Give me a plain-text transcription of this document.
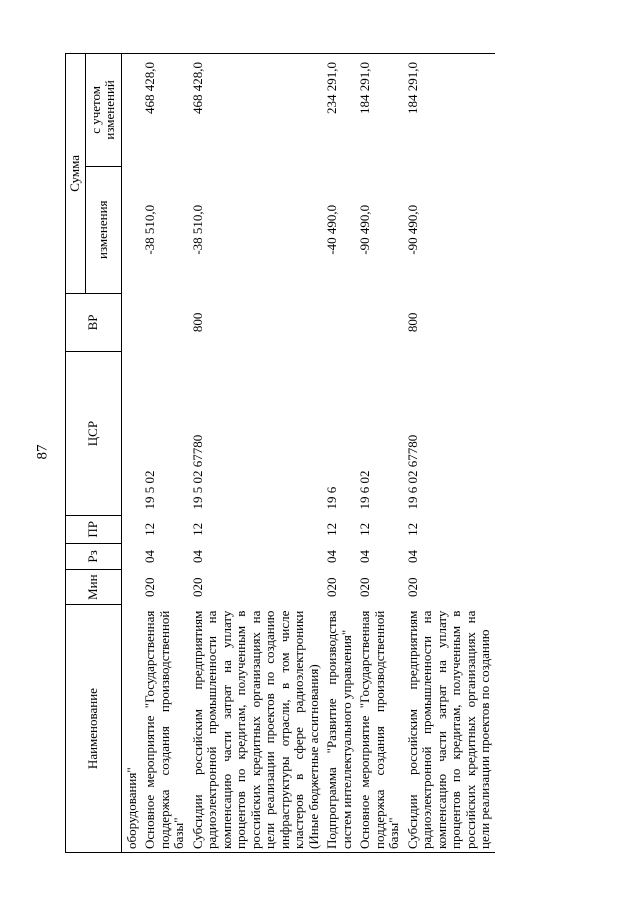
87
Наименование	Мин	Рз	ПР	ЦСР	ВР	Сумма	
						изменения	с учетом изменений
оборудования"							
Основное мероприятие "Государственная поддержка создания производственной базы"	020	04	12	19 5 02		-38 510,0	468 428,0
Субсидии российским предприятиям радиоэлектронной промышленности на компенсацию части затрат на уплату процентов по кредитам, полученным в российских кредитных организациях на цели реализации проектов по созданию инфраструктуры отрасли, в том числе кластеров в сфере радиоэлектроники (Иные бюджетные ассигнования)	020	04	12	19 5 02 67780	800	-38 510,0	468 428,0
Подпрограмма "Развитие производства систем интеллектуального управления"	020	04	12	19 6		-40 490,0	234 291,0
Основное мероприятие "Государственная поддержка создания производственной базы"	020	04	12	19 6 02		-90 490,0	184 291,0
Субсидии российским предприятиям радиоэлектронной промышленности на компенсацию части затрат на уплату процентов по кредитам, полученным в российских кредитных организациях на цели реализации проектов по созданию	020	04	12	19 6 02 67780	800	-90 490,0	184 291,0
